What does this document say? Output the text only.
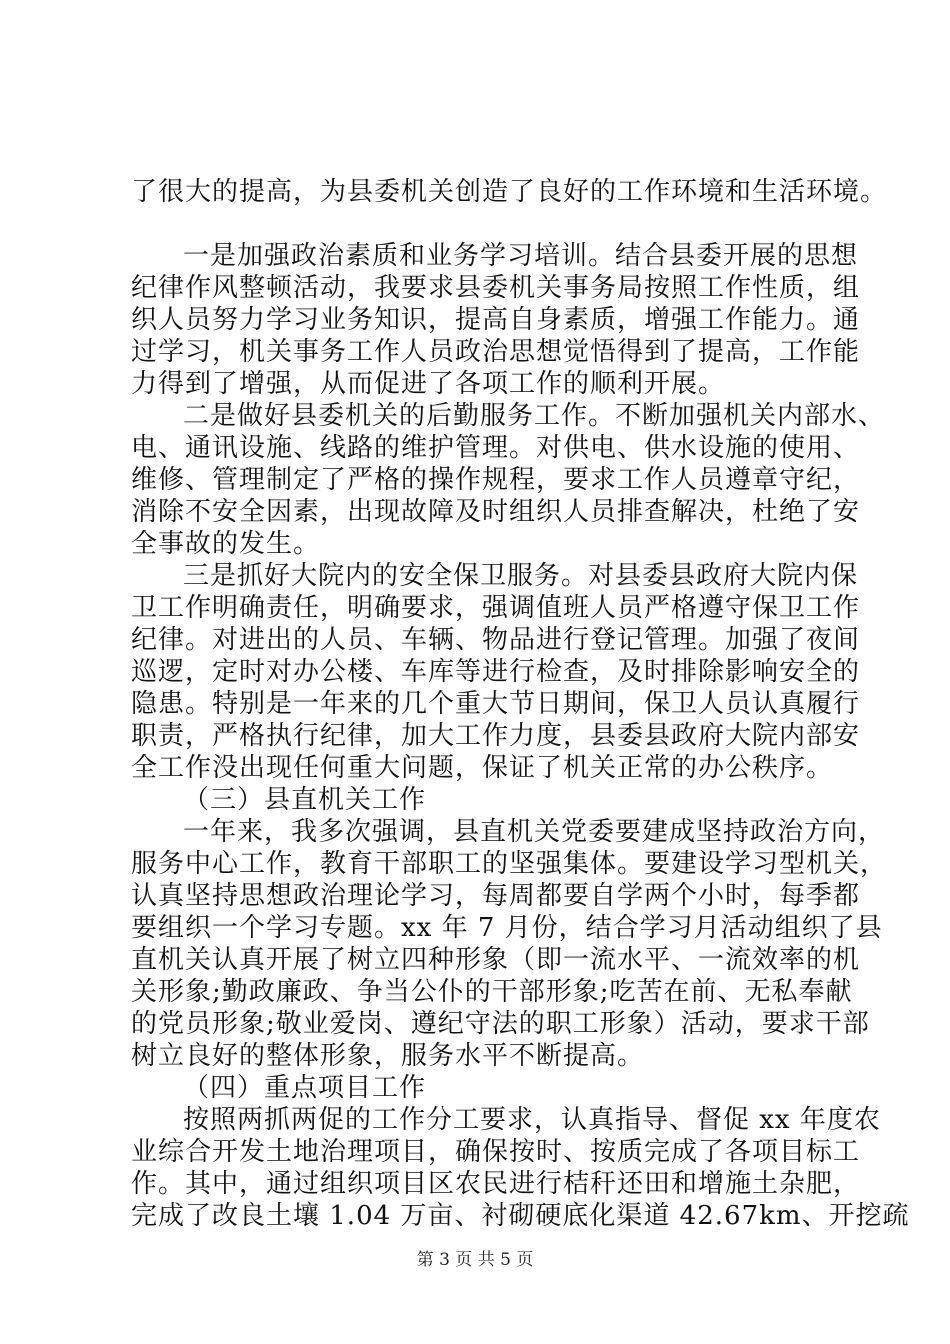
了很大的提高，为县委机关创造了良好的工作环境和生活环境。
一是加强政治素质和业务学习培训。结合县委开展的思想
纪律作风整顿活动，我要求县委机关事务局按照工作性质，组
织人员努力学习业务知识，提高自身素质，增强工作能力。通
过学习，机关事务工作人员政治思想觉悟得到了提高，工作能
力得到了增强，从而促进了各项工作的顺利开展。
二是做好县委机关的后勤服务工作。不断加强机关内部水、
电、通讯设施、线路的维护管理。对供电、供水设施的使用、
维修、管理制定了严格的操作规程，要求工作人员遵章守纪，
消除不安全因素，出现故障及时组织人员排查解决，杜绝了安
全事故的发生。
三是抓好大院内的安全保卫服务。对县委县政府大院内保
卫工作明确责任，明确要求，强调值班人员严格遵守保卫工作
纪律。对进出的人员、车辆、物品进行登记管理。加强了夜间
巡逻，定时对办公楼、车库等进行检查，及时排除影响安全的
隐患。特别是一年来的几个重大节日期间，保卫人员认真履行
职责，严格执行纪律，加大工作力度，县委县政府大院内部安
全工作没出现任何重大问题，保证了机关正常的办公秩序。
（三）县直机关工作
一年来，我多次强调，县直机关党委要建成坚持政治方向，
服务中心工作，教育干部职工的坚强集体。要建设学习型机关，
认真坚持思想政治理论学习，每周都要自学两个小时，每季都
要组织一个学习专题。xx 年 7 月份，结合学习月活动组织了县
直机关认真开展了树立四种形象（即一流水平、一流效率的机
关形象;勤政廉政、争当公仆的干部形象;吃苦在前、无私奉献
的党员形象;敬业爱岗、遵纪守法的职工形象）活动，要求干部
树立良好的整体形象，服务水平不断提高。
（四）重点项目工作
按照两抓两促的工作分工要求，认真指导、督促 xx 年度农
业综合开发土地治理项目，确保按时、按质完成了各项目标工
作。其中，通过组织项目区农民进行桔秆还田和增施土杂肥，
完成了改良土壤 1.04 万亩、衬砌硬底化渠道 42.67km、开挖疏
第 3 页 共 5 页
